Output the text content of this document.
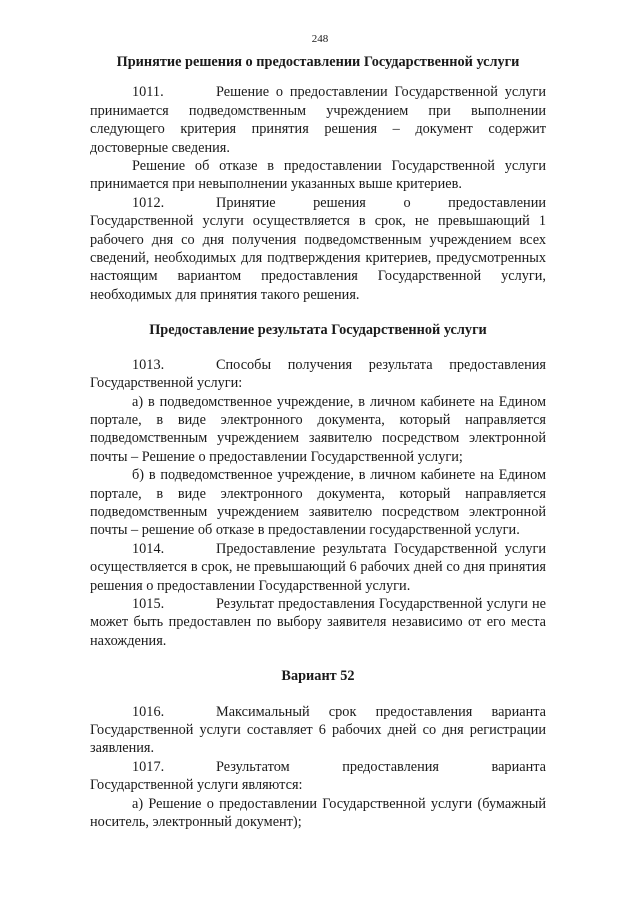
248

Принятие решения о предоставлении Государственной услуги

1011.	Решение о предоставлении Государственной услуги принимается подведомственным учреждением при выполнении следующего критерия принятия решения – документ содержит достоверные сведения.

Решение об отказе в предоставлении Государственной услуги принимается при невыполнении указанных выше критериев.

1012.	Принятие решения о предоставлении Государственной услуги осуществляется в срок, не превышающий 1 рабочего дня со дня получения подведомственным учреждением всех сведений, необходимых для подтверждения критериев, предусмотренных настоящим вариантом предоставления Государственной услуги, необходимых для принятия такого решения.

Предоставление результата Государственной услуги

1013.	Способы получения результата предоставления Государственной услуги:

а) в подведомственное учреждение, в личном кабинете на Едином портале, в виде электронного документа, который направляется подведомственным учреждением заявителю посредством электронной почты – Решение о предоставлении Государственной услуги;

б) в подведомственное учреждение, в личном кабинете на Едином портале, в виде электронного документа, который направляется подведомственным учреждением заявителю посредством электронной почты – решение об отказе в предоставлении государственной услуги.

1014.	Предоставление результата Государственной услуги осуществляется в срок, не превышающий 6 рабочих дней со дня принятия решения о предоставлении Государственной услуги.

1015.	Результат предоставления Государственной услуги не может быть предоставлен по выбору заявителя независимо от его места нахождения.

Вариант 52

1016.	Максимальный срок предоставления варианта Государственной услуги составляет 6 рабочих дней со дня регистрации заявления.

1017.	Результатом предоставления варианта Государственной услуги являются:

а) Решение о предоставлении Государственной услуги (бумажный носитель, электронный документ);
